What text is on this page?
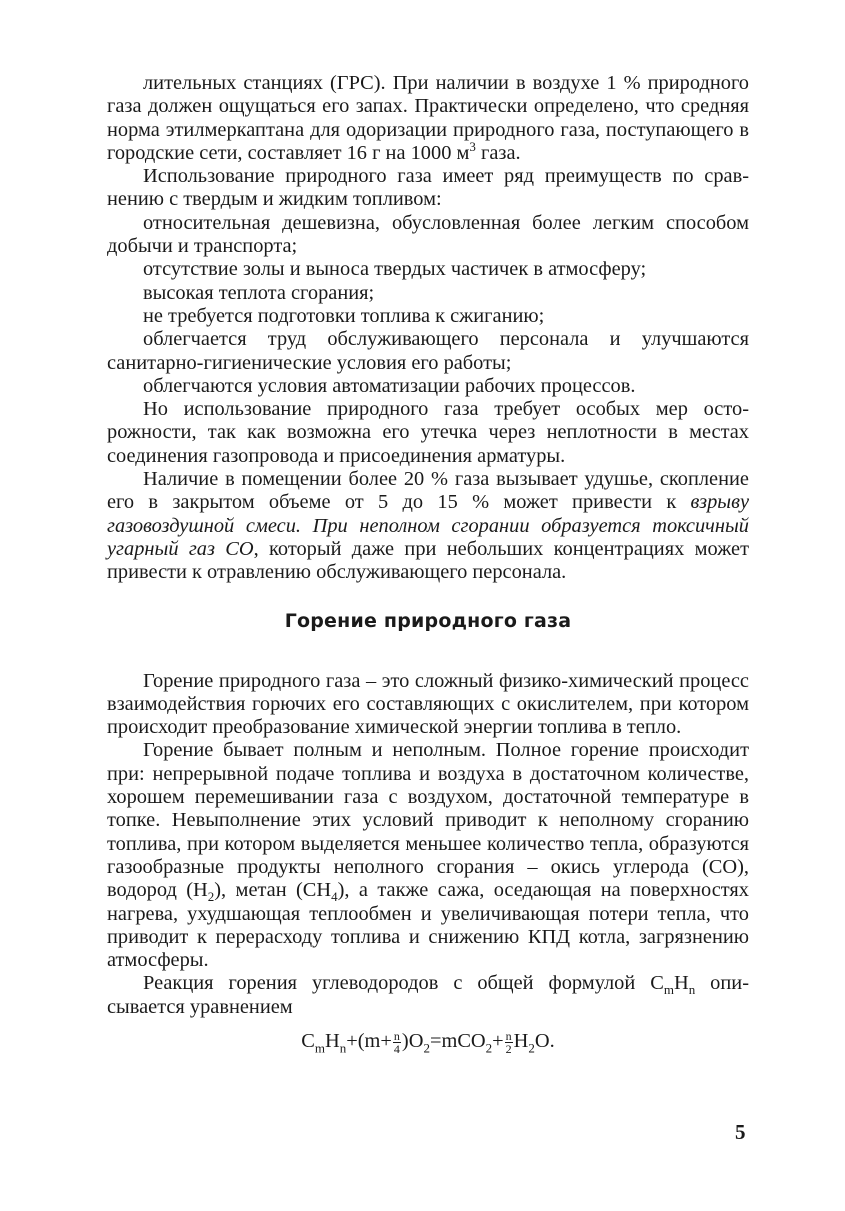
лительных станциях (ГРС). При наличии в воздухе 1 % природного газа должен ощущаться его запах. Практически определено, что средняя норма этилмеркаптана для одоризации природного газа, поступающего в городские сети, составляет 16 г на 1000 $м^3$ газа.

Использование природного газа имеет ряд преимуществ по сравнению с твердым и жидким топливом:

относительная дешевизна, обусловленная более легким способом добычи и транспорта;

отсутствие золы и выноса твердых частичек в атмосферу;

высокая теплота сгорания;

не требуется подготовки топлива к сжиганию;

облегчается труд обслуживающего персонала и улучшаются санитарно-гигиенические условия его работы;

облегчаются условия автоматизации рабочих процессов.

Но использование природного газа требует особых мер осторожности, так как возможна его утечка через неплотности в местах соединения газопровода и присоединения арматуры.

Наличие в помещении более 20 % газа вызывает удушье, скопление его в закрытом объеме от 5 до 15 % может привести к взрыву газовоздушной смеси. При неполном сгорании образуется токсичный угарный газ СО, который даже при небольших концентрациях может привести к отравлению обслуживающего персонала.

Горение природного газа

Горение природного газа – это сложный физико-химический процесс взаимодействия горючих его составляющих с окислителем, при котором происходит преобразование химической энергии топлива в тепло.

Горение бывает полным и неполным. Полное горение происходит при: непрерывной подаче топлива и воздуха в достаточном количестве, хорошем перемешивании газа с воздухом, достаточной температуре в топке. Невыполнение этих условий приводит к неполному сгоранию топлива, при котором выделяется меньшее количество тепла, образуются газообразные продукты неполного сгорания – окись углерода (СО), водород $(Н_2)$, метан $(СН_4)$, а также сажа, оседающая на поверхностях нагрева, ухудшающая теплообмен и увеличивающая потери тепла, что приводит к перерасходу топлива и снижению КПД котла, загрязнению атмосферы.

Реакция горения углеводородов с общей формулой $С_mН_n$ описывается уравнением

$C_mH_n+(m+ \frac{n}{4} )O_2=mCO_2+ \frac{n}{2} H_2O$.
5
